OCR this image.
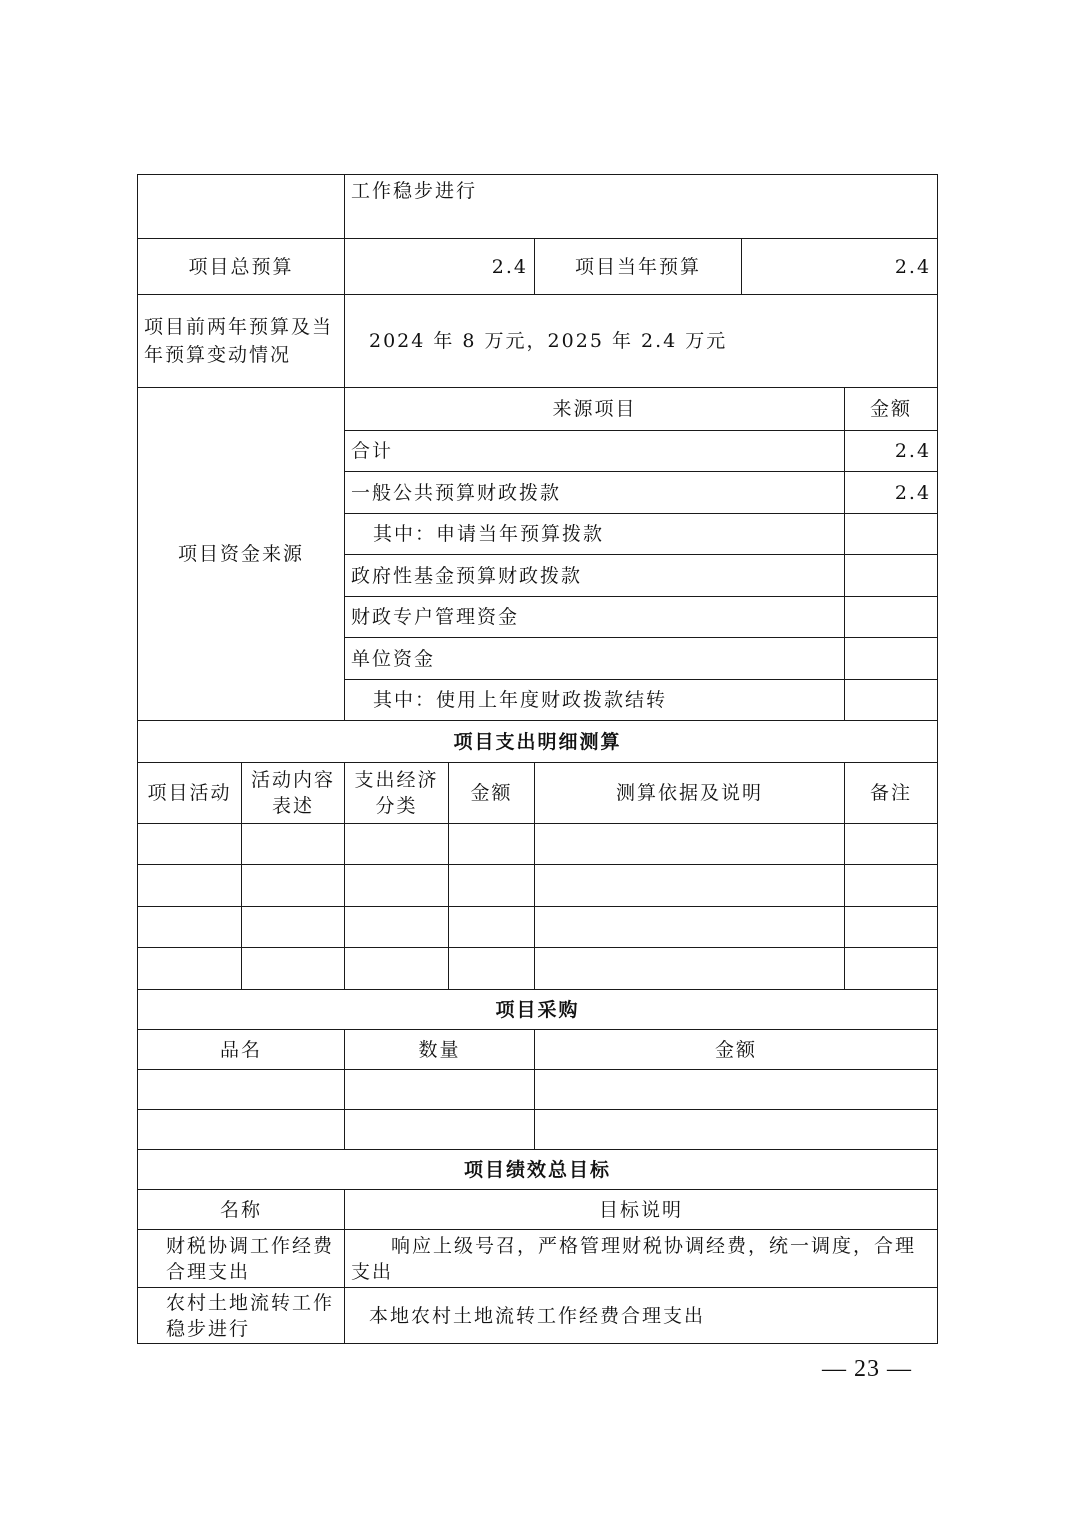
		工作稳步进行				
项目总预算		2.4		项目当年预算	2.4	
项目前两年预算及当年预算变动情况		2024 年 8 万元，2025 年 2.4 万元				
项目资金来源		来源项目				金额
		合计				2.4
		一般公共预算财政拨款				2.4
		其中：申请当年预算拨款				
		政府性基金预算财政拨款				
		财政专户管理资金				
		单位资金				
		其中：使用上年度财政拨款结转				
项目支出明细测算						
项目活动	活动内容表述	支出经济分类	金额	测算依据及说明		备注

项目采购						
品名		数量		金额		

项目绩效总目标						
名称		目标说明				
财税协调工作经费合理支出		响应上级号召，严格管理财税协调经费，统一调度，合理支出				
农村土地流转工作稳步进行		本地农村土地流转工作经费合理支出				
— 23 —
